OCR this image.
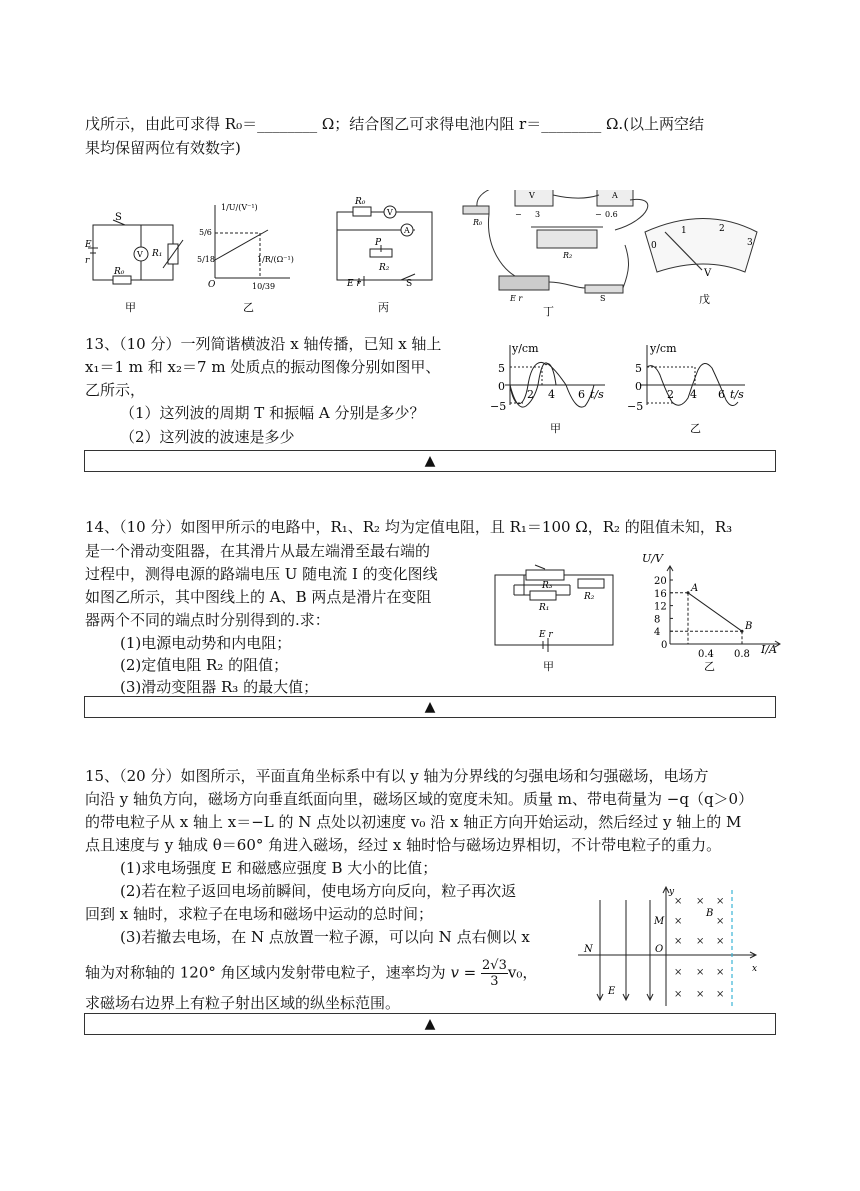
戊所示，由此可求得 R₀＝________ Ω；结合图乙可求得电池内阻 r＝________ Ω.(以上两空结
果均保留两位有效数字)
S
E
r
V R₁
R₀
甲
1/U/(V⁻¹)
1/R/(Ω⁻¹)
5/6
5/18
10/39
O
乙
R₀
V
A
P
R₂
E r	S
丙
V	A
− 3	− 0.6
R₀
R₂
E r	S
丁
0
1	2
3
V
戊
13、（10 分）一列简谐横波沿 x 轴传播，已知 x 轴上
x₁＝1 m 和 x₂＝7 m 处质点的振动图像分别如图甲、
乙所示，
（1）这列波的周期 T 和振幅 A 分别是多少？
（2）这列波的波速是多少
y/cm
5
0
−5
2 4 6 t/s
甲
y/cm
5
0
−5
2 4 6 t/s
乙
▲
14、（10 分）如图甲所示的电路中，R₁、R₂ 均为定值电阻，且 R₁＝100 Ω，R₂ 的阻值未知，R₃
是一个滑动变阻器，在其滑片从最左端滑至最右端的
过程中，测得电源的路端电压 U 随电流 I 的变化图线
如图乙所示，其中图线上的 A、B 两点是滑片在变阻
器两个不同的端点时分别得到的.求：
(1)电源电动势和内电阻；
(2)定值电阻 R₂ 的阻值；
(3)滑动变阻器 R₃ 的最大值；
R₃
R₁
R₂
E r
甲
0
20
16
12
8
4
0.4 0.8
A
B
U/V
I/A
乙
▲
15、（20 分）如图所示，平面直角坐标系中有以 y 轴为分界线的匀强电场和匀强磁场，电场方
向沿 y 轴负方向，磁场方向垂直纸面向里，磁场区域的宽度未知。质量 m、带电荷量为 −q（q＞0）
的带电粒子从 x 轴上 x＝−L 的 N 点处以初速度 v₀ 沿 x 轴正方向开始运动，然后经过 y 轴上的 M
点且速度与 y 轴成 θ＝60° 角进入磁场，经过 x 轴时恰与磁场边界相切，不计带电粒子的重力。
(1)求电场强度 E 和磁感应强度 B 大小的比值；
(2)若在粒子返回电场前瞬间，使电场方向反向，粒子再次返
回到 x 轴时，求粒子在电场和磁场中运动的总时间；
(3)若撤去电场，在 N 点放置一粒子源，可以向 N 点右侧以 x
轴为对称轴的 120° 角区域内发射带电粒子，速率均为 $v = \frac{2√3}{3} v_0$，
求磁场右边界上有粒子射出区域的纵坐标范围。
× × ×
×	×
× × ×
× × ×
× × ×
y
x
N
M
O
E
B
▲
